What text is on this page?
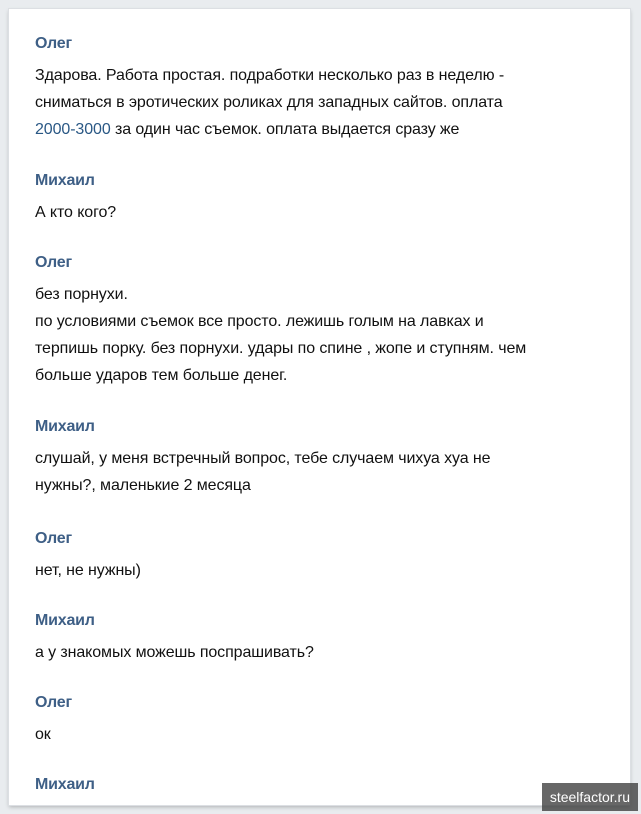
Олег
Здарова. Работа простая. подработки несколько раз в неделю -
сниматься в эротических роликах для западных сайтов. оплата
2000-3000 за один час съемок. оплата выдается сразу же
Михаил
А кто кого?
Олег
без порнухи.
по условиями съемок все просто. лежишь голым на лавках и
терпишь порку. без порнухи. удары по спине , жопе и ступням. чем
больше ударов тем больше денег.
Михаил
слушай, у меня встречный вопрос, тебе случаем чихуа хуа не
нужны?, маленькие 2 месяца
Олег
нет, не нужны)
Михаил
а у знакомых можешь поспрашивать?
Олег
ок
Михаил
steelfactor.ru
